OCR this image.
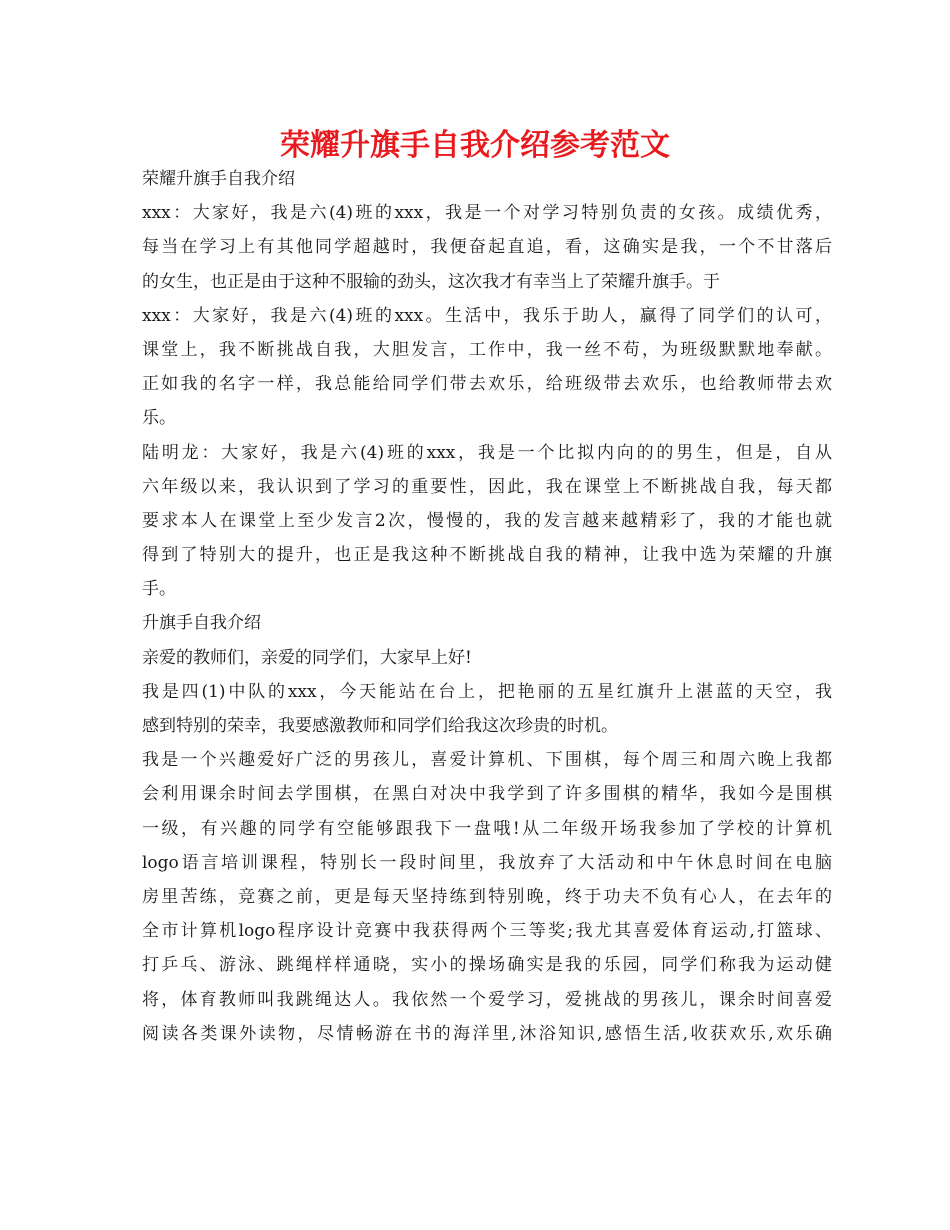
荣耀升旗手自我介绍参考范文
荣耀升旗手自我介绍
xxx：大家好，我是六(4)班的xxx，我是一个对学习特别负责的女孩。成绩优秀，
每当在学习上有其他同学超越时，我便奋起直追，看，这确实是我，一个不甘落后
的女生，也正是由于这种不服输的劲头，这次我才有幸当上了荣耀升旗手。于
xxx：大家好，我是六(4)班的xxx。生活中，我乐于助人，赢得了同学们的认可，
课堂上，我不断挑战自我，大胆发言，工作中，我一丝不苟，为班级默默地奉献。
正如我的名字一样，我总能给同学们带去欢乐，给班级带去欢乐，也给教师带去欢
乐。
陆明龙：大家好，我是六(4)班的xxx，我是一个比拟内向的的男生，但是，自从
六年级以来，我认识到了学习的重要性，因此，我在课堂上不断挑战自我，每天都
要求本人在课堂上至少发言2次，慢慢的，我的发言越来越精彩了，我的才能也就
得到了特别大的提升，也正是我这种不断挑战自我的精神，让我中选为荣耀的升旗
手。
升旗手自我介绍
亲爱的教师们，亲爱的同学们，大家早上好!
我是四(1)中队的xxx，今天能站在台上，把艳丽的五星红旗升上湛蓝的天空，我
感到特别的荣幸，我要感激教师和同学们给我这次珍贵的时机。
我是一个兴趣爱好广泛的男孩儿，喜爱计算机、下围棋，每个周三和周六晚上我都
会利用课余时间去学围棋，在黑白对决中我学到了许多围棋的精华，我如今是围棋
一级，有兴趣的同学有空能够跟我下一盘哦!从二年级开场我参加了学校的计算机
logo语言培训课程，特别长一段时间里，我放弃了大活动和中午休息时间在电脑
房里苦练，竞赛之前，更是每天坚持练到特别晚，终于功夫不负有心人，在去年的
全市计算机logo程序设计竞赛中我获得两个三等奖;我尤其喜爱体育运动,打篮球、
打乒乓、游泳、跳绳样样通晓，实小的操场确实是我的乐园，同学们称我为运动健
将，体育教师叫我跳绳达人。我依然一个爱学习，爱挑战的男孩儿，课余时间喜爱
阅读各类课外读物，尽情畅游在书的海洋里,沐浴知识,感悟生活,收获欢乐,欢乐确
